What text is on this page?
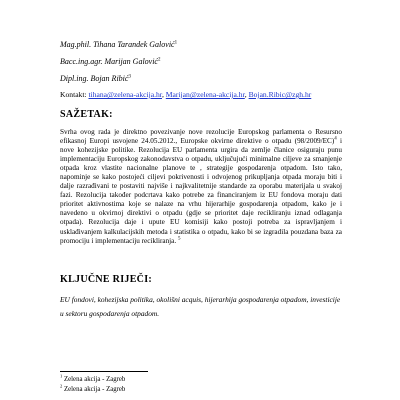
Mag.phil. Tihana Tarandek Galović$^1$
Bacc.ing.agr. Marijan Galović$^2$
Dipl.ing. Bojan Ribić$^3$
Kontakt: tihana@zelena-akcija.hr, Marijan@zelena-akcija.hr, Bojan.Ribic@zgh.hr
SAŽETAK:
Svrha ovog rada je direktno povezivanje nove rezolucije Europskog parlamenta o Resursno efikasnoj Europi usvojene 24.05.2012., Europske okvirne direktive o otpadu $(98/2009/EC)^4$ i nove kohezijske politike. Rezolucija EU parlamenta urgira da zemlje članice osiguraju punu implementaciju Europskog zakonodavstva o otpadu, uključujući minimalne ciljeve za smanjenje otpada kroz vlastite nacionalne planove te , strategije gospodarenja otpadom. Isto tako, napominje se kako postojeći ciljevi pokrivenosti i odvojenog prikupljanja otpada moraju biti i dalje razrađivani te postaviti najviše i najkvalitetnije standarde za oporabu materijala u svakoj fazi. Rezolucija također podcrtava kako potrebe za financiranjem iz EU fondova moraju dati prioritet aktivnostima koje se nalaze na vrhu hijerarhije gospodarenja otpadom, kako je i navedeno u okvirnoj direktivi o otpadu (gdje se prioritet daje recikliranju iznad odlaganja otpada). Rezolucija daje i upute EU komisiji kako postoji potreba za ispravljanjem i usklađivanjem kalkulacijskih metoda i statistika o otpadu, kako bi se izgradila pouzdana baza za promociju i implementaciju recikliranja. $^5$
KLJUČNE RIJEČI:
EU fondovi, kohezijska politika, okolišni acquis, hijerarhija gospodarenja otpadom, investicije u sektoru gospodarenja otpadom.
$^1$ Zelena akcija - Zagreb
$^2$ Zelena akcija - Zagreb
